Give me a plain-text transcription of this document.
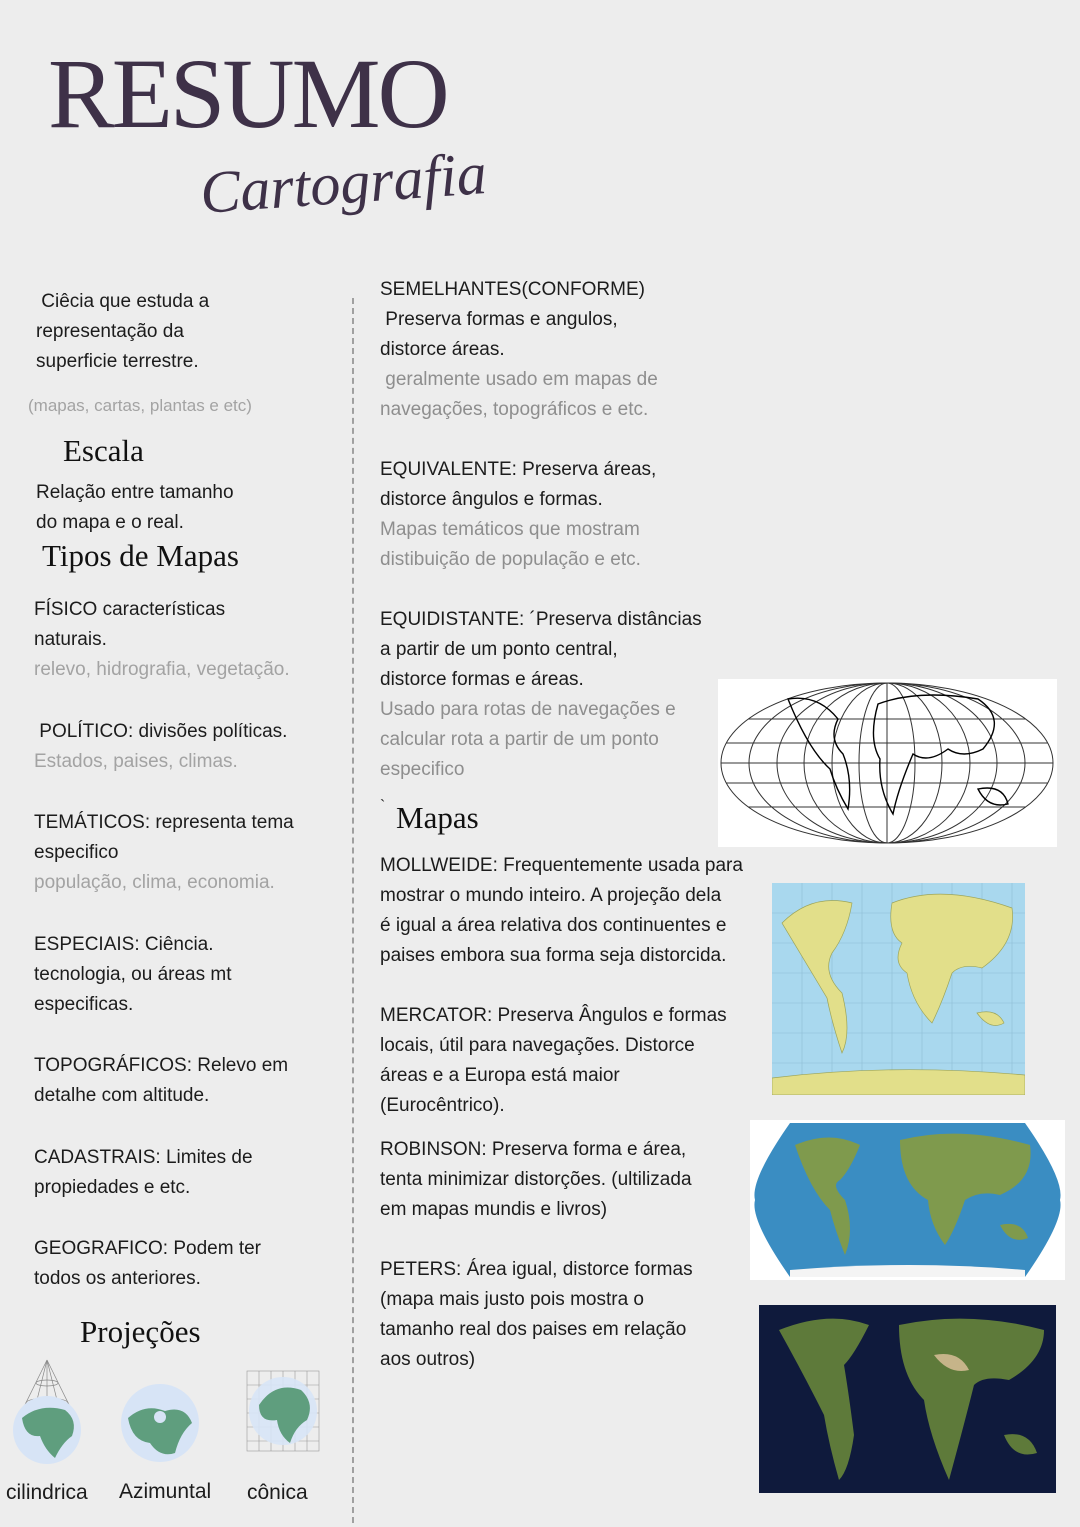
RESUMO
Cartografia
Ciêcia que estuda a
representação da
superficie terrestre.
(mapas, cartas, plantas e etc)
Escala
Relação entre tamanho
do mapa e o real.
Tipos de Mapas
FÍSICO características
naturais.
relevo, hidrografia, vegetação.
POLÍTICO: divisões políticas.
Estados, paises, climas.
TEMÁTICOS: representa tema
especifico
população, clima, economia.
ESPECIAIS: Ciência.
tecnologia, ou áreas mt
especificas.
TOPOGRÁFICOS: Relevo em
detalhe com altitude.
CADASTRAIS: Limites de
propiedades e etc.
GEOGRAFICO: Podem ter
todos os anteriores.
Projeções
cilindrica Azimuntal cônica
SEMELHANTES(CONFORME)
Preserva formas e angulos,
distorce áreas.
geralmente usado em mapas de
navegações, topográficos e etc.
EQUIVALENTE: Preserva áreas,
distorce ângulos e formas.
Mapas temáticos que mostram
distibuição de população e etc.
EQUIDISTANTE: ´Preserva distâncias
a partir de um ponto central,
distorce formas e áreas.
Usado para rotas de navegações e
calcular rota a partir de um ponto
especifico
` Mapas
MOLLWEIDE: Frequentemente usada para
mostrar o mundo inteiro. A projeção dela
é igual a área relativa dos continuentes e
paises embora sua forma seja distorcida.
MERCATOR: Preserva Ângulos e formas
locais, útil para navegações. Distorce
áreas e a Europa está maior
(Eurocêntrico).
ROBINSON: Preserva forma e área,
tenta minimizar distorções. (ultilizada
em mapas mundis e livros)
PETERS: Área igual, distorce formas
(mapa mais justo pois mostra o
tamanho real dos paises em relação
aos outros)
